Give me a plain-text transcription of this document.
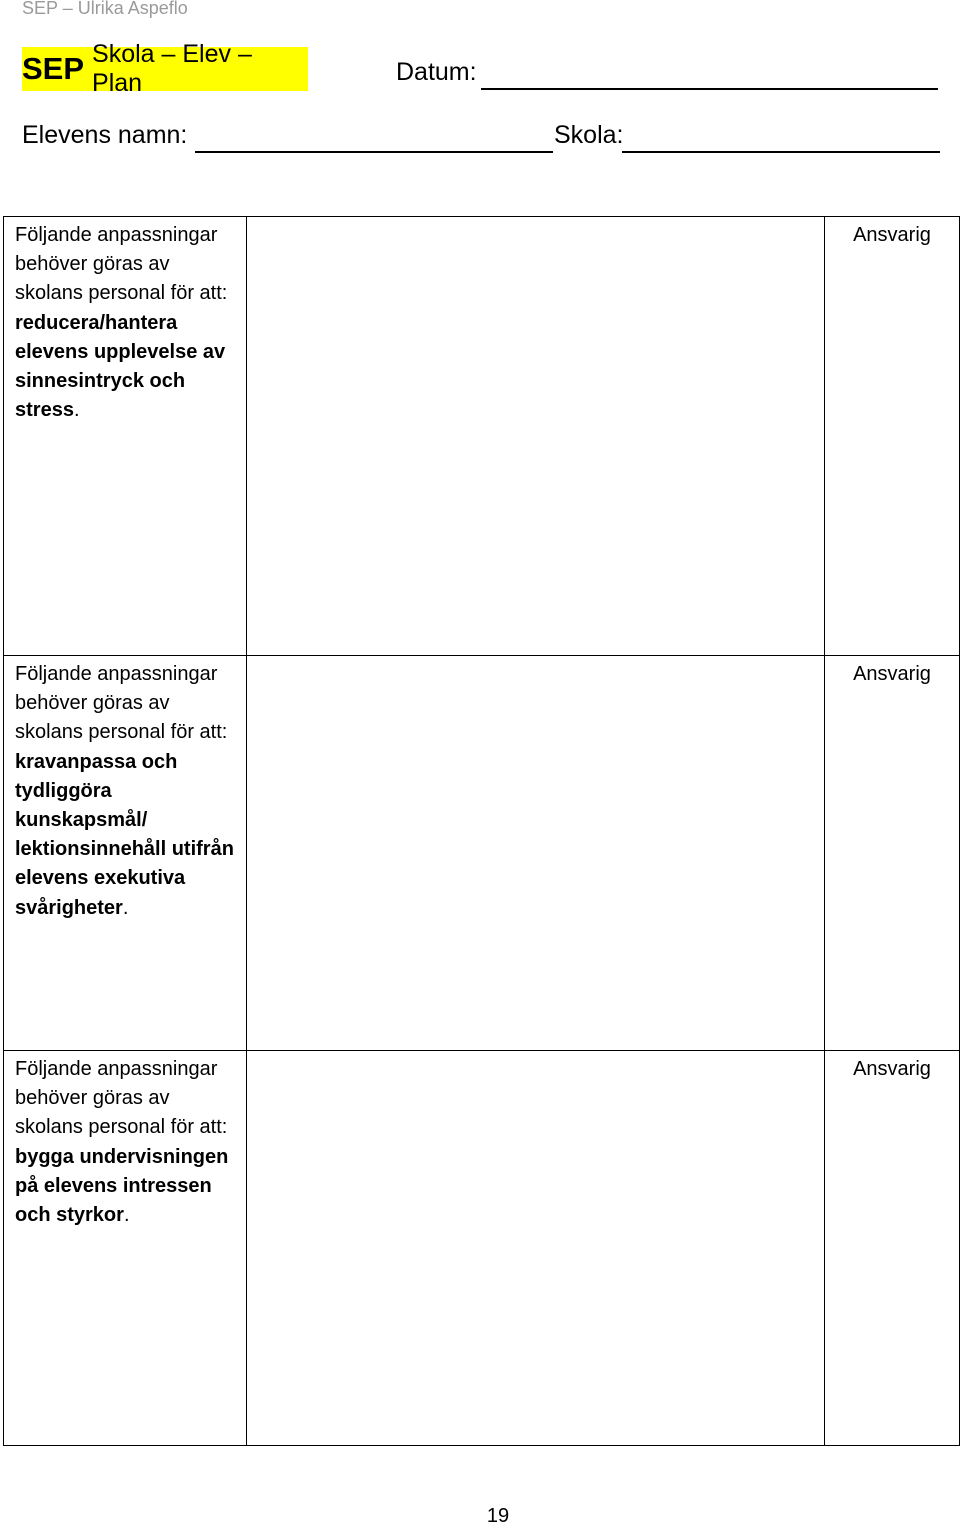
SEP – Ulrika Aspeflo
SEP Skola – Elev – Plan	Datum:
Elevens namn:	Skola:
Följande anpassningar behöver göras av skolans personal för att: reducera/hantera elevens upplevelse av sinnesintryck och stress.		Ansvarig

Följande anpassningar behöver göras av skolans personal för att: kravanpassa och tydliggöra kunskapsmål/ lektionsinnehåll utifrån elevens exekutiva svårigheter.		Ansvarig

Följande anpassningar behöver göras av skolans personal för att: bygga undervisningen på elevens intressen och styrkor.		Ansvarig
19
